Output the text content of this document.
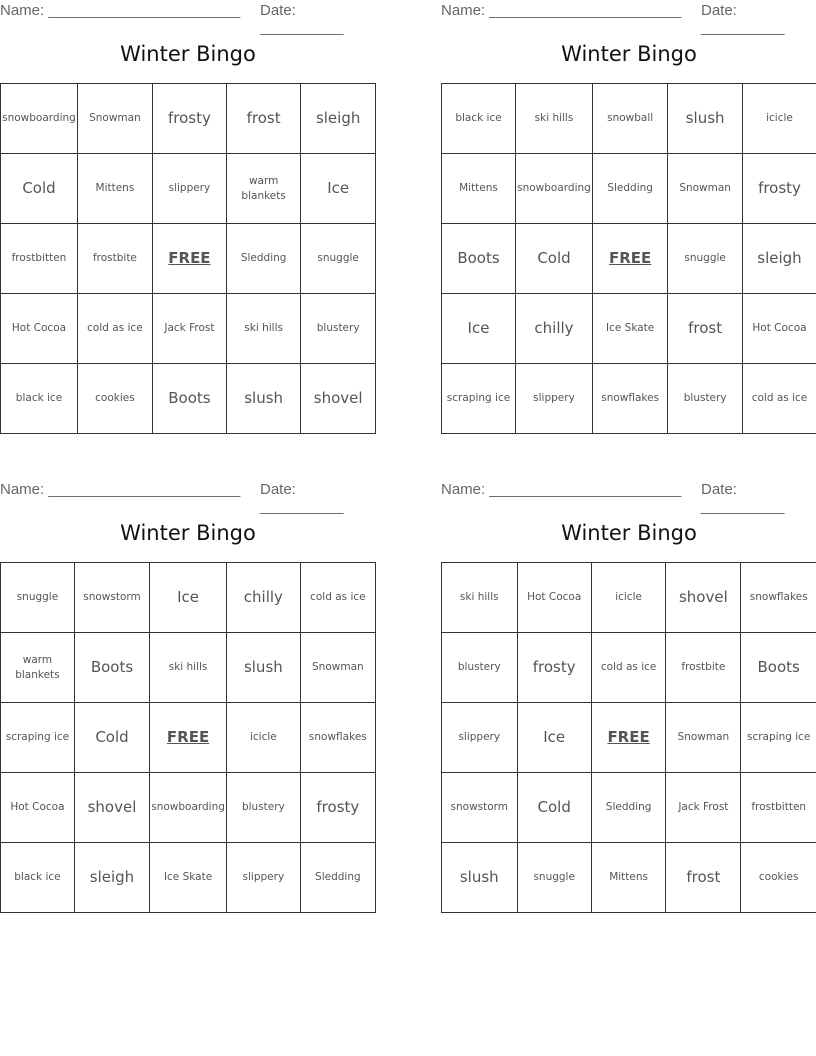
Name: _______________________ Date: __________
Winter Bingo
snowboarding	Snowman	frosty	frost	sleigh
Cold	Mittens	slippery	warm blankets	Ice
frostbitten	frostbite	FREE	Sledding	snuggle
Hot Cocoa	cold as ice	Jack Frost	ski hills	blustery
black ice	cookies	Boots	slush	shovel
Name: _______________________ Date: __________
Winter Bingo
black ice	ski hills	snowball	slush	icicle
Mittens	snowboarding	Sledding	Snowman	frosty
Boots	Cold	FREE	snuggle	sleigh
Ice	chilly	Ice Skate	frost	Hot Cocoa
scraping ice	slippery	snowflakes	blustery	cold as ice
Name: _______________________ Date: __________
Winter Bingo
snuggle	snowstorm	Ice	chilly	cold as ice
warm blankets	Boots	ski hills	slush	Snowman
scraping ice	Cold	FREE	icicle	snowflakes
Hot Cocoa	shovel	snowboarding	blustery	frosty
black ice	sleigh	Ice Skate	slippery	Sledding
Name: _______________________ Date: __________
Winter Bingo
ski hills	Hot Cocoa	icicle	shovel	snowflakes
blustery	frosty	cold as ice	frostbite	Boots
slippery	Ice	FREE	Snowman	scraping ice
snowstorm	Cold	Sledding	Jack Frost	frostbitten
slush	snuggle	Mittens	frost	cookies
